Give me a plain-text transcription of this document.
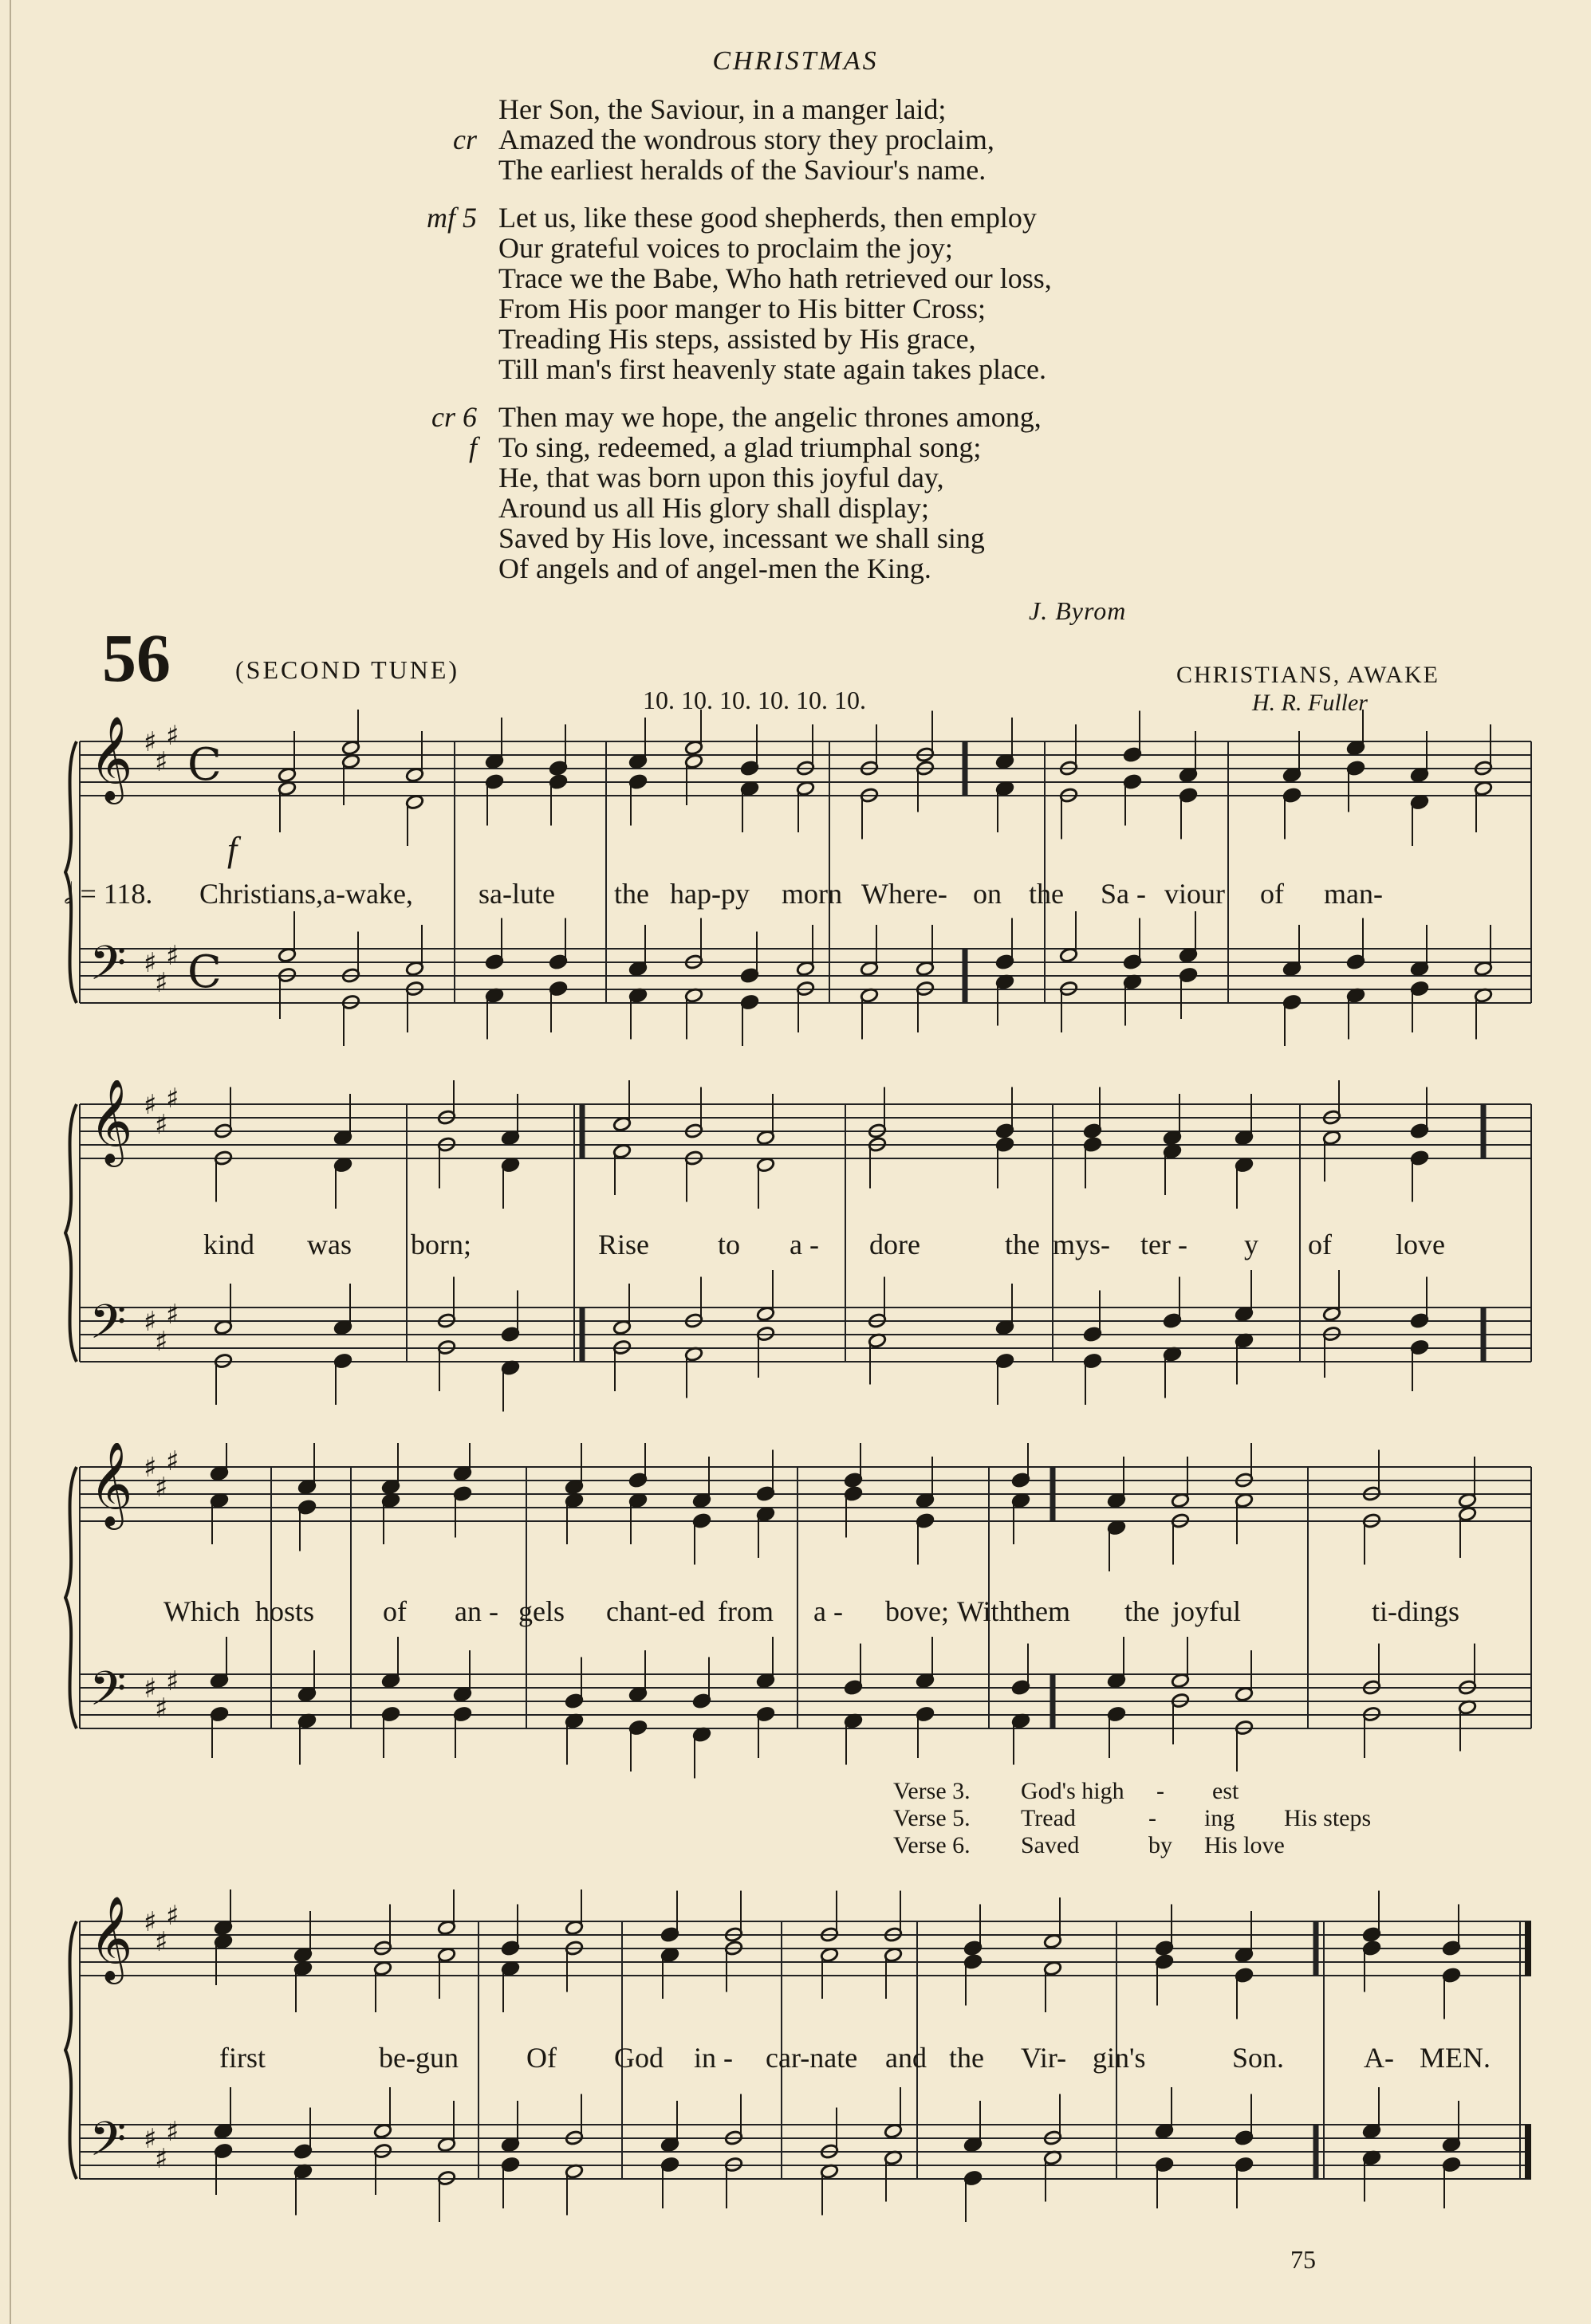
CHRISTMAS
Her Son, the Saviour, in a manger laid;
cr Amazed the wondrous story they proclaim,
The earliest heralds of the Saviour's name.
mf 5 Let us, like these good shepherds, then employ
Our grateful voices to proclaim the joy;
Trace we the Babe, Who hath retrieved our loss,
From His poor manger to His bitter Cross;
Treading His steps, assisted by His grace,
Till man's first heavenly state again takes place.
cr 6 Then may we hope, the angelic thrones among,
f To sing, redeemed, a glad triumphal song;
He, that was born upon this joyful day,
Around us all His glory shall display;
Saved by His love, incessant we shall sing
Of angels and of angel-men the King.
J. Byrom
56	(SECOND TUNE)
10. 10. 10. 10. 10. 10.
CHRISTIANS, AWAKE
H. R. Fuller
𝄞
𝄢
♯
♯
♯
♯
♯
♯
C
C
Christians,a-wake, sa-lute the hap-py morn Where- on the Sa - viour of man-
f
𝅗𝅥 = 118.
𝄞
𝄢
♯
♯
♯
♯
♯
♯
kind was born;	Rise to a - dore	the mys- ter - y of love
𝄞
𝄢
♯
♯
♯
♯
♯
♯
Which hosts of an - gels chant-ed from a - bove; With them the joyful	ti-dings
Verse 3. God's high - est
Verse 5. Tread	- ing His steps
Verse 6. Saved	by His love
𝄞
𝄢
♯
♯
♯
♯
♯
♯
first	be-gun Of God in - car-nate and the Vir- gin's	Son.	A- MEN.
75
